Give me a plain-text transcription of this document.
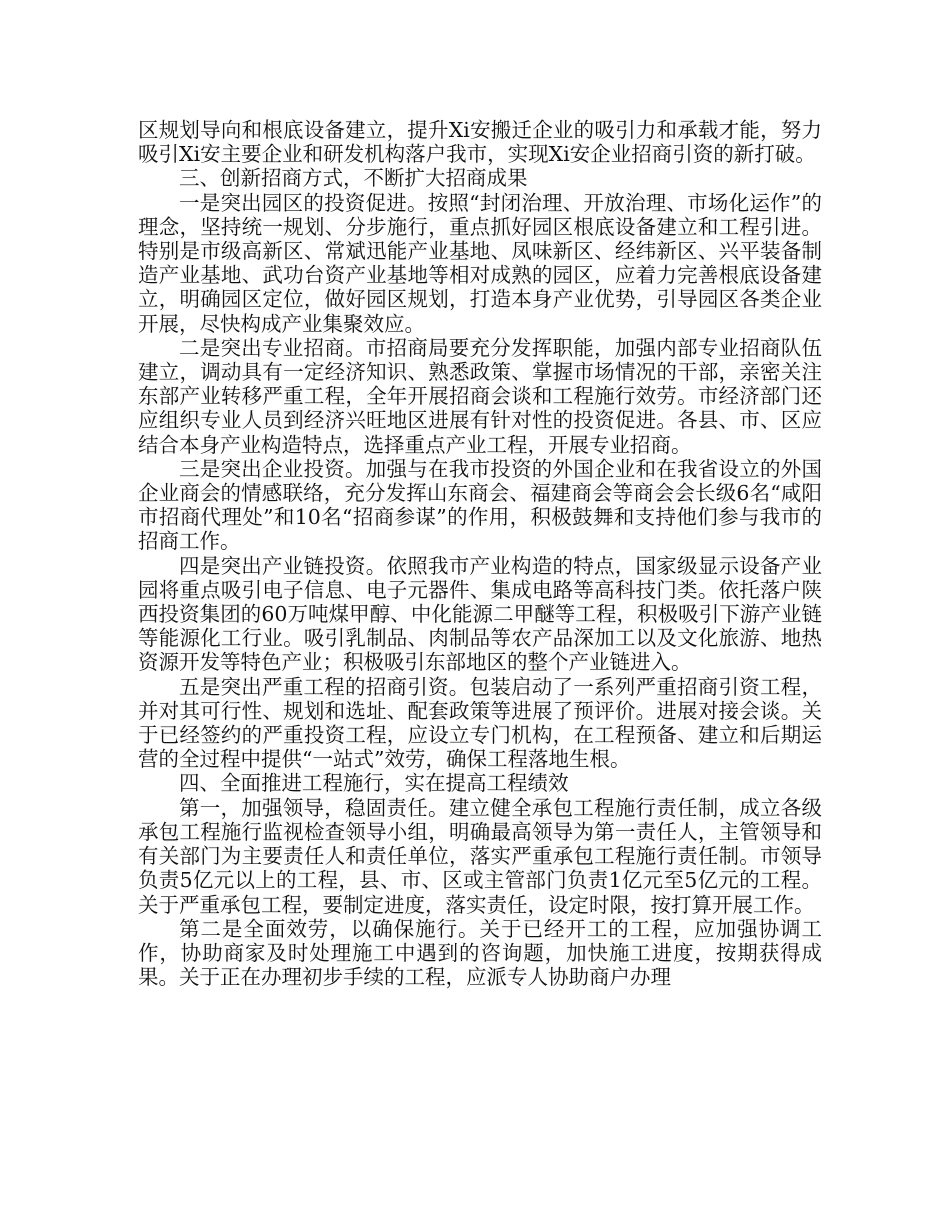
区规划导向和根底设备建立，提升Xi安搬迁企业的吸引力和承载才能，努力吸引Xi安主要企业和研发机构落户我市，实现Xi安企业招商引资的新打破。

三、创新招商方式，不断扩大招商成果

一是突出园区的投资促进。按照“封闭治理、开放治理、市场化运作”的理念，坚持统一规划、分步施行，重点抓好园区根底设备建立和工程引进。特别是市级高新区、常斌迅能产业基地、凤味新区、经纬新区、兴平装备制造产业基地、武功台资产业基地等相对成熟的园区，应着力完善根底设备建立，明确园区定位，做好园区规划，打造本身产业优势，引导园区各类企业开展，尽快构成产业集聚效应。

二是突出专业招商。市招商局要充分发挥职能，加强内部专业招商队伍建立，调动具有一定经济知识、熟悉政策、掌握市场情况的干部，亲密关注东部产业转移严重工程，全年开展招商会谈和工程施行效劳。市经济部门还应组织专业人员到经济兴旺地区进展有针对性的投资促进。各县、市、区应结合本身产业构造特点，选择重点产业工程，开展专业招商。

三是突出企业投资。加强与在我市投资的外国企业和在我省设立的外国企业商会的情感联络，充分发挥山东商会、福建商会等商会会长级6名“咸阳市招商代理处”和10名“招商参谋”的作用，积极鼓舞和支持他们参与我市的招商工作。

四是突出产业链投资。依照我市产业构造的特点，国家级显示设备产业园将重点吸引电子信息、电子元器件、集成电路等高科技门类。依托落户陕西投资集团的60万吨煤甲醇、中化能源二甲醚等工程，积极吸引下游产业链等能源化工行业。吸引乳制品、肉制品等农产品深加工以及文化旅游、地热资源开发等特色产业；积极吸引东部地区的整个产业链进入。

五是突出严重工程的招商引资。包装启动了一系列严重招商引资工程，并对其可行性、规划和选址、配套政策等进展了预评价。进展对接会谈。关于已经签约的严重投资工程，应设立专门机构，在工程预备、建立和后期运营的全过程中提供“一站式”效劳，确保工程落地生根。

四、全面推进工程施行，实在提高工程绩效

第一，加强领导，稳固责任。建立健全承包工程施行责任制，成立各级承包工程施行监视检查领导小组，明确最高领导为第一责任人，主管领导和有关部门为主要责任人和责任单位，落实严重承包工程施行责任制。市领导负责5亿元以上的工程，县、市、区或主管部门负责1亿元至5亿元的工程。关于严重承包工程，要制定进度，落实责任，设定时限，按打算开展工作。

第二是全面效劳，以确保施行。关于已经开工的工程，应加强协调工作，协助商家及时处理施工中遇到的咨询题，加快施工进度，按期获得成果。关于正在办理初步手续的工程，应派专人协助商户办理
